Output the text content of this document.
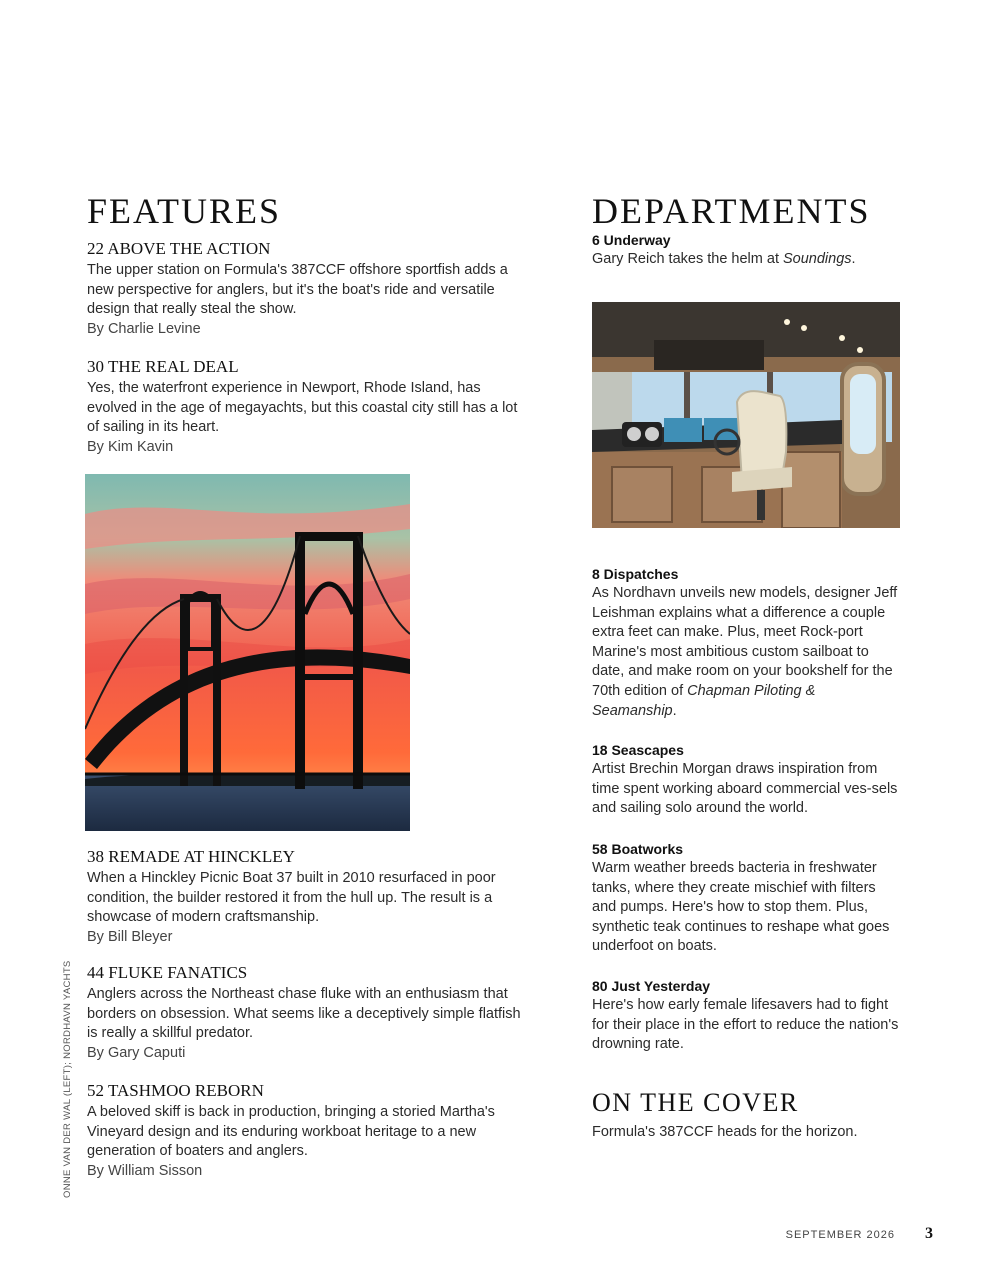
FEATURES

22 ABOVE THE ACTION

The upper station on Formula's 387CCF offshore sportfish adds a new perspective for anglers, but it's the boat's ride and versatile design that really steal the show.

By Charlie Levine

30 THE REAL DEAL

Yes, the waterfront experience in Newport, Rhode Island, has evolved in the age of megayachts, but this coastal city still has a lot of sailing in its heart.

By Kim Kavin

38 REMADE AT HINCKLEY

When a Hinckley Picnic Boat 37 built in 2010 resurfaced in poor condition, the builder restored it from the hull up. The result is a showcase of modern craftsmanship.

By Bill Bleyer

44 FLUKE FANATICS

Anglers across the Northeast chase fluke with an enthusiasm that borders on obsession. What seems like a deceptively simple flatfish is really a skillful predator.

By Gary Caputi

52 TASHMOO REBORN

A beloved skiff is back in production, bringing a storied Martha's Vineyard design and its enduring workboat heritage to a new generation of boaters and anglers.

By William Sisson

DEPARTMENTS

6 Underway

Gary Reich takes the helm at Soundings.

8 Dispatches

As Nordhavn unveils new models, designer Jeff Leishman explains what a difference a couple extra feet can make. Plus, meet Rock-port Marine's most ambitious custom sailboat to date, and make room on your bookshelf for the 70th edition of Chapman Piloting & Seamanship.

18 Seascapes

Artist Brechin Morgan draws inspiration from time spent working aboard commercial ves-sels and sailing solo around the world.

58 Boatworks

Warm weather breeds bacteria in freshwater tanks, where they create mischief with filters and pumps. Here's how to stop them. Plus, synthetic teak continues to reshape what goes underfoot on boats.

80 Just Yesterday

Here's how early female lifesavers had to fight for their place in the effort to reduce the nation's drowning rate.

ON THE COVER

Formula's 387CCF heads for the horizon.

ONNE VAN DER WAL (LEFT); NORDHAVN YACHTS
SEPTEMBER 2026 3
